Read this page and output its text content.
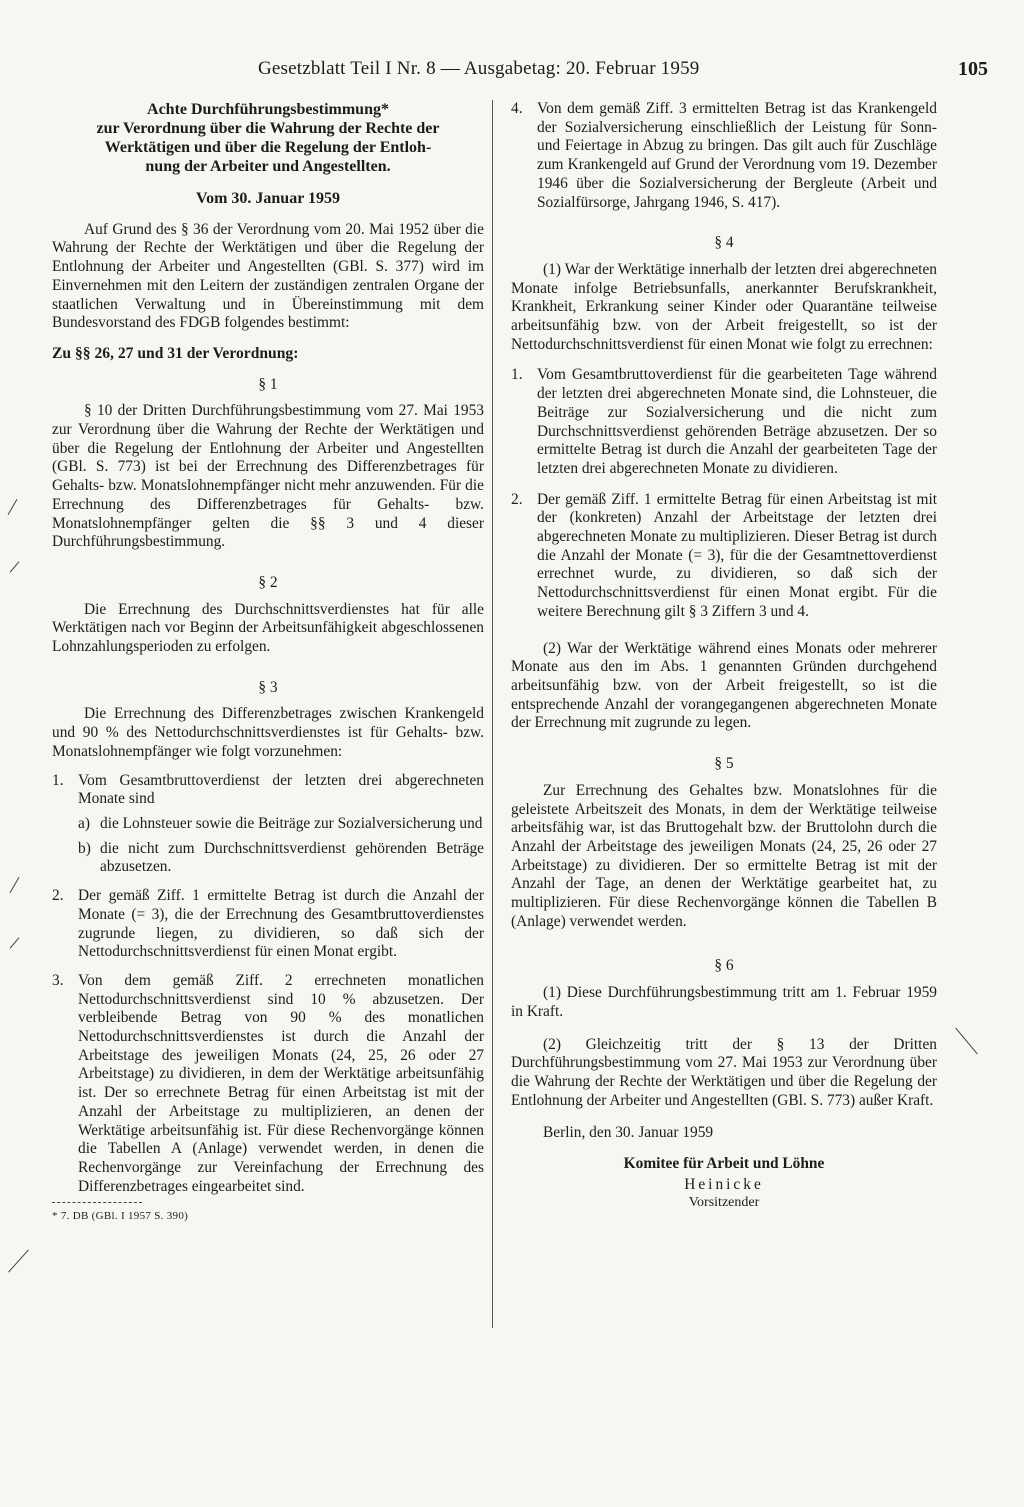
Gesetzblatt Teil I Nr. 8 — Ausgabetag: 20. Februar 1959	105
Achte Durchführungsbestimmung*
zur Verordnung über die Wahrung der Rechte der
Werktätigen und über die Regelung der Entloh-
nung der Arbeiter und Angestellten.
Vom 30. Januar 1959

Auf Grund des § 36 der Verordnung vom 20. Mai 1952 über die Wahrung der Rechte der Werktätigen und über die Regelung der Entlohnung der Arbeiter und Angestellten (GBl. S. 377) wird im Einvernehmen mit den Leitern der zuständigen zentralen Organe der staatlichen Verwaltung und in Übereinstimmung mit dem Bundesvorstand des FDGB folgendes bestimmt:

Zu §§ 26, 27 und 31 der Verordnung:
§ 1

§ 10 der Dritten Durchführungsbestimmung vom 27. Mai 1953 zur Verordnung über die Wahrung der Rechte der Werktätigen und über die Regelung der Entlohnung der Arbeiter und Angestellten (GBl. S. 773) ist bei der Errechnung des Differenzbetrages für Gehalts- bzw. Monatslohnempfänger nicht mehr anzuwenden. Für die Errechnung des Differenzbetrages für Gehalts- bzw. Monatslohnempfänger gelten die §§ 3 und 4 dieser Durchführungsbestimmung.

§ 2

Die Errechnung des Durchschnittsverdienstes hat für alle Werktätigen nach vor Beginn der Arbeitsunfähigkeit abgeschlossenen Lohnzahlungsperioden zu erfolgen.

§ 3

Die Errechnung des Differenzbetrages zwischen Krankengeld und 90 % des Nettodurchschnittsverdienstes ist für Gehalts- bzw. Monatslohnempfänger wie folgt vorzunehmen:

1. Vom Gesamtbruttoverdienst der letzten drei abgerechneten Monate sind
a) die Lohnsteuer sowie die Beiträge zur Sozialversicherung und
b) die nicht zum Durchschnittsverdienst gehörenden Beträge abzusetzen.
2. Der gemäß Ziff. 1 ermittelte Betrag ist durch die Anzahl der Monate (= 3), die der Errechnung des Gesamtbruttoverdienstes zugrunde liegen, zu dividieren, so daß sich der Nettodurchschnittsverdienst für einen Monat ergibt.
3. Von dem gemäß Ziff. 2 errechneten monatlichen Nettodurchschnittsverdienst sind 10 % abzusetzen. Der verbleibende Betrag von 90 % des monatlichen Nettodurchschnittsverdienstes ist durch die Anzahl der Arbeitstage des jeweiligen Monats (24, 25, 26 oder 27 Arbeitstage) zu dividieren, in dem der Werktätige arbeitsunfähig ist. Der so errechnete Betrag für einen Arbeitstag ist mit der Anzahl der Arbeitstage zu multiplizieren, an denen der Werktätige arbeitsunfähig ist. Für diese Rechenvorgänge können die Tabellen A (Anlage) verwendet werden, in denen die Rechenvorgänge zur Vereinfachung der Errechnung des Differenzbetrages eingearbeitet sind.
* 7. DB (GBl. I 1957 S. 390)
4. Von dem gemäß Ziff. 3 ermittelten Betrag ist das Krankengeld der Sozialversicherung einschließlich der Leistung für Sonn- und Feiertage in Abzug zu bringen. Das gilt auch für Zuschläge zum Krankengeld auf Grund der Verordnung vom 19. Dezember 1946 über die Sozialversicherung der Bergleute (Arbeit und Sozialfürsorge, Jahrgang 1946, S. 417).
§ 4

(1) War der Werktätige innerhalb der letzten drei abgerechneten Monate infolge Betriebsunfalls, anerkannter Berufskrankheit, Krankheit, Erkrankung seiner Kinder oder Quarantäne teilweise arbeitsunfähig bzw. von der Arbeit freigestellt, so ist der Nettodurchschnittsverdienst für einen Monat wie folgt zu errechnen:

1. Vom Gesamtbruttoverdienst für die gearbeiteten Tage während der letzten drei abgerechneten Monate sind, die Lohnsteuer, die Beiträge zur Sozialversicherung und die nicht zum Durchschnittsverdienst gehörenden Beträge abzusetzen. Der so ermittelte Betrag ist durch die Anzahl der gearbeiteten Tage der letzten drei abgerechneten Monate zu dividieren.
2. Der gemäß Ziff. 1 ermittelte Betrag für einen Arbeitstag ist mit der (konkreten) Anzahl der Arbeitstage der letzten drei abgerechneten Monate zu multiplizieren. Dieser Betrag ist durch die Anzahl der Monate (= 3), für die der Gesamtnettoverdienst errechnet wurde, zu dividieren, so daß sich der Nettodurchschnittsverdienst für einen Monat ergibt. Für die weitere Berechnung gilt § 3 Ziffern 3 und 4.

(2) War der Werktätige während eines Monats oder mehrerer Monate aus den im Abs. 1 genannten Gründen durchgehend arbeitsunfähig bzw. von der Arbeit freigestellt, so ist die entsprechende Anzahl der vorangegangenen abgerechneten Monate der Errechnung mit zugrunde zu legen.

§ 5

Zur Errechnung des Gehaltes bzw. Monatslohnes für die geleistete Arbeitszeit des Monats, in dem der Werktätige teilweise arbeitsfähig war, ist das Bruttogehalt bzw. der Bruttolohn durch die Anzahl der Arbeitstage des jeweiligen Monats (24, 25, 26 oder 27 Arbeitstage) zu dividieren. Der so ermittelte Betrag ist mit der Anzahl der Tage, an denen der Werktätige gearbeitet hat, zu multiplizieren. Für diese Rechenvorgänge können die Tabellen B (Anlage) verwendet werden.

§ 6

(1) Diese Durchführungsbestimmung tritt am 1. Februar 1959 in Kraft.

(2) Gleichzeitig tritt der § 13 der Dritten Durchführungsbestimmung vom 27. Mai 1953 zur Verordnung über die Wahrung der Rechte der Werktätigen und über die Regelung der Entlohnung der Arbeiter und Angestellten (GBl. S. 773) außer Kraft.

Berlin, den 30. Januar 1959

Komitee für Arbeit und Löhne
Heinicke
Vorsitzender
